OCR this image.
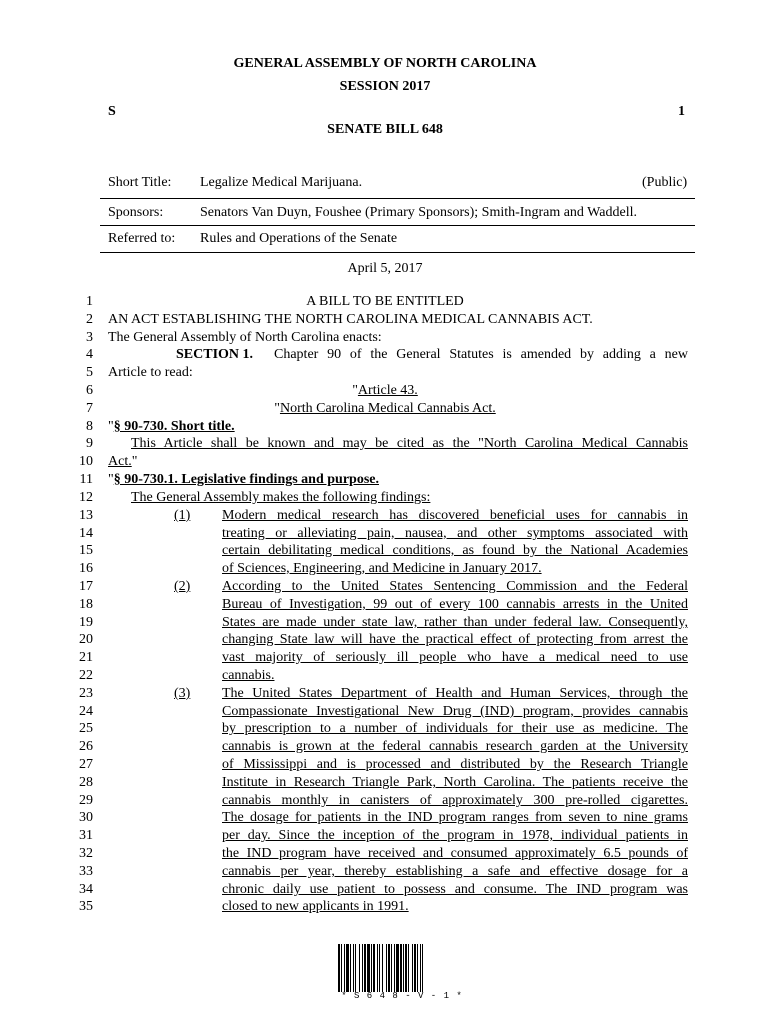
GENERAL ASSEMBLY OF NORTH CAROLINA
SESSION 2017
S	1
SENATE BILL 648
Short Title: Legalize Medical Marijuana.	(Public)
Sponsors:	Senators Van Duyn, Foushee (Primary Sponsors); Smith-Ingram and Waddell.
Referred to: Rules and Operations of the Senate
April 5, 2017
1
2
3
4
5
6
7
8
9
10
11
12
13
14
15
16
17
18
19
20
21
22
23
24
25
26
27
28
29
30
31
32
33
34
35
A BILL TO BE ENTITLED
AN ACT ESTABLISHING THE NORTH CAROLINA MEDICAL CANNABIS ACT.
The General Assembly of North Carolina enacts:
SECTION 1. Chapter 90 of the General Statutes is amended by adding a new
Article to read:
"Article 43.
"North Carolina Medical Cannabis Act.
"§ 90-730. Short title.
This Article shall be known and may be cited as the "North Carolina Medical Cannabis
Act."
"§ 90-730.1. Legislative findings and purpose.
The General Assembly makes the following findings:
(1) Modern medical research has discovered beneficial uses for cannabis in
treating or alleviating pain, nausea, and other symptoms associated with
certain debilitating medical conditions, as found by the National Academies
of Sciences, Engineering, and Medicine in January 2017.
(2) According to the United States Sentencing Commission and the Federal
Bureau of Investigation, 99 out of every 100 cannabis arrests in the United
States are made under state law, rather than under federal law. Consequently,
changing State law will have the practical effect of protecting from arrest the
vast majority of seriously ill people who have a medical need to use
cannabis.
(3) The United States Department of Health and Human Services, through the
Compassionate Investigational New Drug (IND) program, provides cannabis
by prescription to a number of individuals for their use as medicine. The
cannabis is grown at the federal cannabis research garden at the University
of Mississippi and is processed and distributed by the Research Triangle
Institute in Research Triangle Park, North Carolina. The patients receive the
cannabis monthly in canisters of approximately 300 pre-rolled cigarettes.
The dosage for patients in the IND program ranges from seven to nine grams
per day. Since the inception of the program in 1978, individual patients in
the IND program have received and consumed approximately 6.5 pounds of
cannabis per year, thereby establishing a safe and effective dosage for a
chronic daily use patient to possess and consume. The IND program was
closed to new applicants in 1991.
* S 6 4 8 - V - 1 *
